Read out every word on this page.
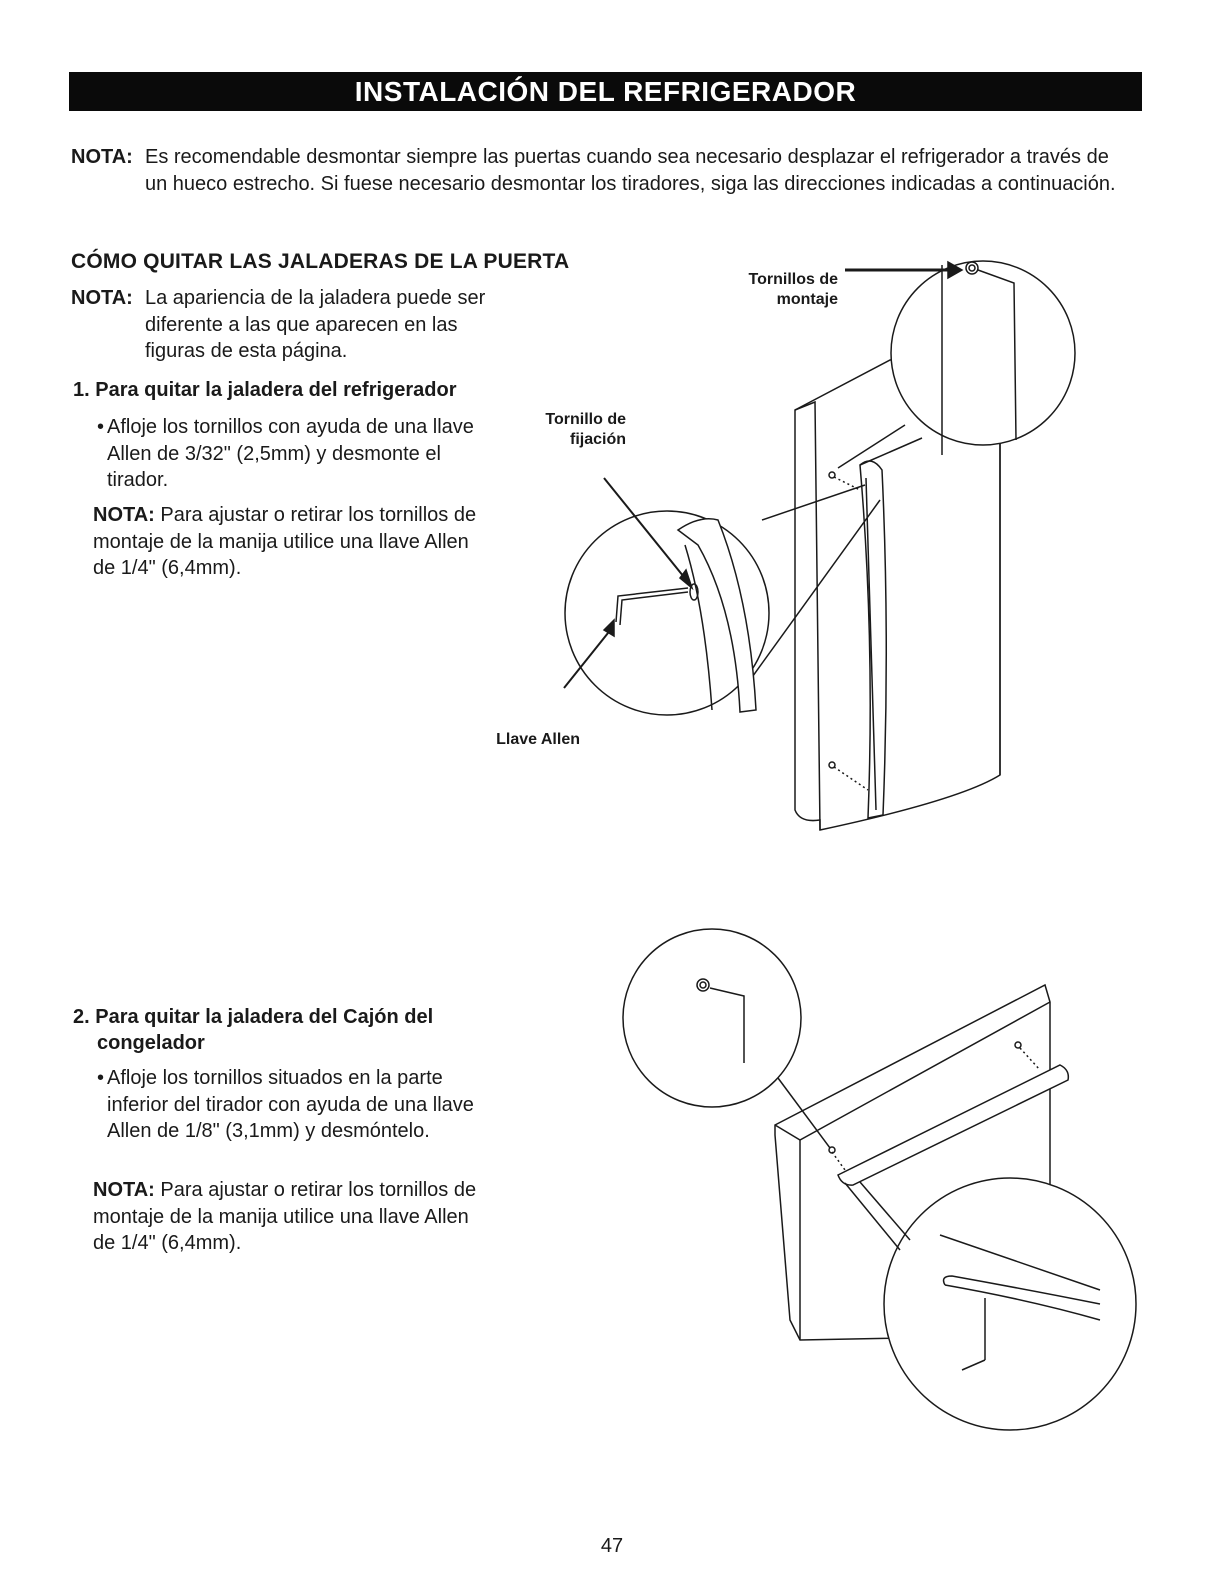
INSTALACIÓN DEL REFRIGERADOR
NOTA: Es recomendable desmontar siempre las puertas cuando sea necesario desplazar el refrigerador a través de un hueco estrecho. Si fuese necesario desmontar los tiradores, siga las direcciones indicadas a continuación.
CÓMO QUITAR LAS JALADERAS DE LA PUERTA
NOTA: La apariencia de la jaladera puede ser diferente a las que aparecen en las figuras de esta página.
1. Para quitar la jaladera del refrigerador
• Afloje los tornillos con ayuda de una llave Allen de 3/32" (2,5mm) y desmonte el tirador.
NOTA: Para ajustar o retirar los tornillos de montaje de la manija utilice una llave Allen de 1/4" (6,4mm).
2. Para quitar la jaladera del Cajón del
congelador
• Afloje los tornillos situados en la parte inferior del tirador con ayuda de una llave Allen de 1/8" (3,1mm) y desmóntelo.
NOTA: Para ajustar o retirar los tornillos de montaje de la manija utilice una llave Allen de 1/4" (6,4mm).
Tornillos de
montaje
Tornillo de
fijación
Llave Allen
47
